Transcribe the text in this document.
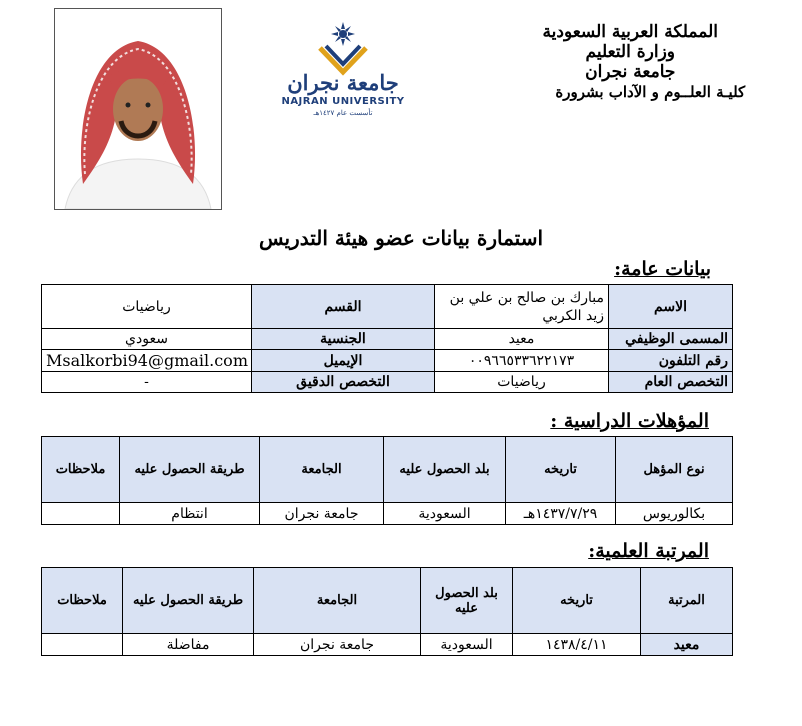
المملكة العربية السعودية
وزارة التعليم
جامعة نجران
كليـة العلــوم و الآداب بشرورة
جامعة نجران
NAJRAN UNIVERSITY
تأسست عام ١٤٢٧هـ
استمارة بيانات عضو هيئة التدريس
بيانات عامة:
الاسم	مبارك بن صالح بن علي بن زيد الكربي	القسم	رياضيات
المسمى الوظيفي	معيد	الجنسية	سعودي
رقم التلفون	٠٠٩٦٦٥٣٣٦٢٢١٧٣	الإيميل	Msalkorbi94@gmail.com
التخصص العام	رياضيات	التخصص الدقيق	-
المؤهلات الدراسية :
نوع المؤهل	تاريخه	بلد الحصول عليه	الجامعة	طريقة الحصول عليه	ملاحظات
بكالوريوس	١٤٣٧/٧/٢٩هـ	السعودية	جامعة نجران	انتظام	
المرتبة العلمية:
المرتبة	تاريخه	بلد الحصول عليه	الجامعة	طريقة الحصول عليه	ملاحظات
معيد	١٤٣٨/٤/١١	السعودية	جامعة نجران	مفاضلة	
